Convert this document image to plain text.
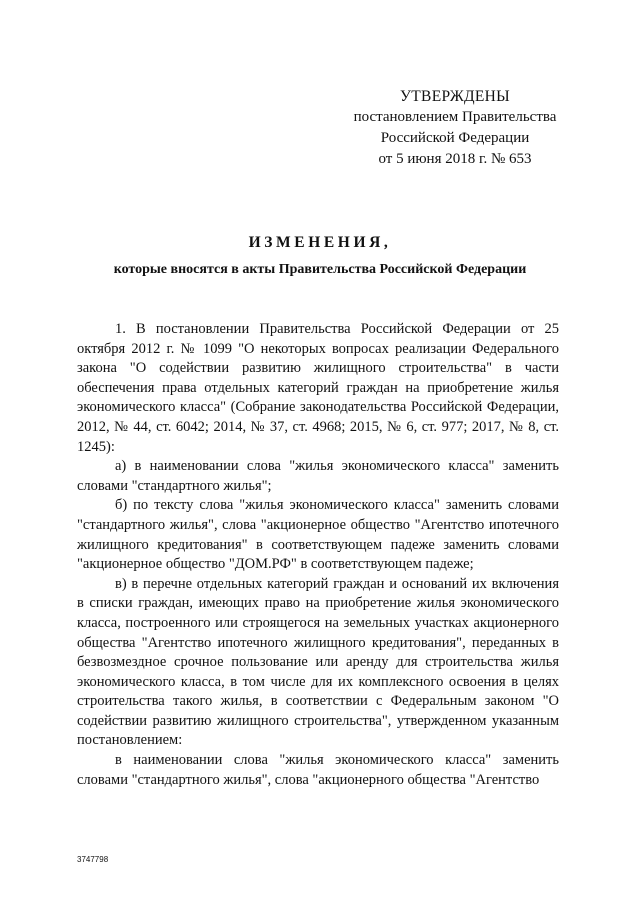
УТВЕРЖДЕНЫ
постановлением Правительства
Российской Федерации
от 5 июня 2018 г. № 653
ИЗМЕНЕНИЯ,
которые вносятся в акты Правительства Российской Федерации

1. В постановлении Правительства Российской Федерации от 25 октября 2012 г. № 1099 "О некоторых вопросах реализации Федерального закона "О содействии развитию жилищного строительства" в части обеспечения права отдельных категорий граждан на приобретение жилья экономического класса" (Собрание законодательства Российской Федерации, 2012, № 44, ст. 6042; 2014, № 37, ст. 4968; 2015, № 6, ст. 977; 2017, № 8, ст. 1245):

а) в наименовании слова "жилья экономического класса" заменить словами "стандартного жилья";

б) по тексту слова "жилья экономического класса" заменить словами "стандартного жилья", слова "акционерное общество "Агентство ипотечного жилищного кредитования" в соответствующем падеже заменить словами "акционерное общество "ДОМ.РФ" в соответствующем падеже;

в) в перечне отдельных категорий граждан и оснований их включения в списки граждан, имеющих право на приобретение жилья экономического класса, построенного или строящегося на земельных участках акционерного общества "Агентство ипотечного жилищного кредитования", переданных в безвозмездное срочное пользование или аренду для строительства жилья экономического класса, в том числе для их комплексного освоения в целях строительства такого жилья, в соответствии с Федеральным законом "О содействии развитию жилищного строительства", утвержденном указанным постановлением:

в наименовании слова "жилья экономического класса" заменить словами "стандартного жилья", слова "акционерного общества "Агентство

3747798
